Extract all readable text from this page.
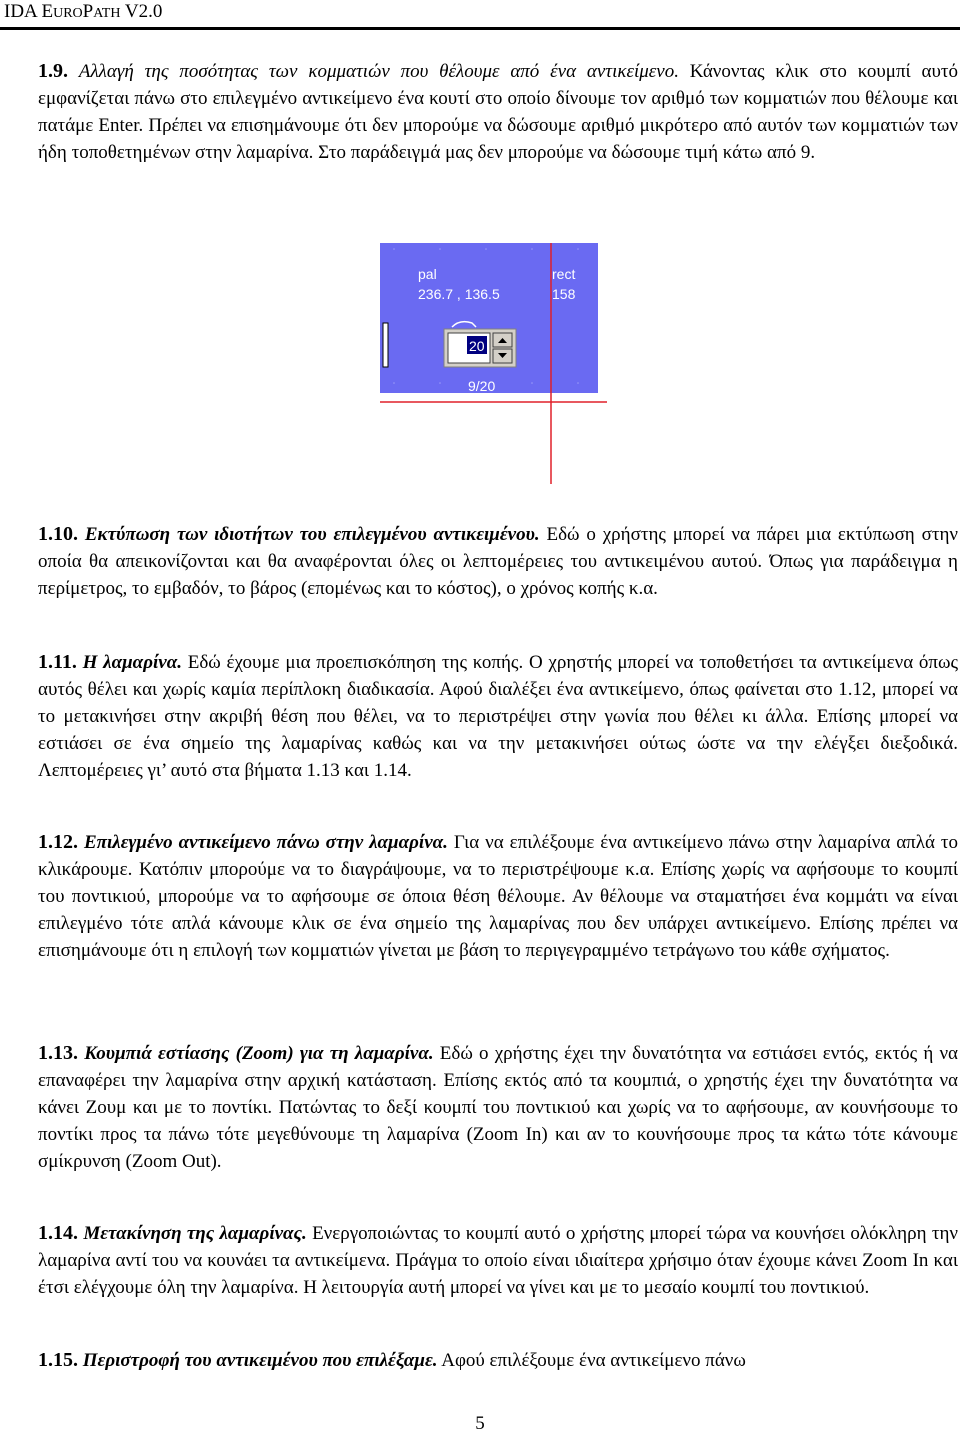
IDA EUROPATH V2.0

1.9. Αλλαγή της ποσότητας των κομματιών που θέλουμε από ένα αντικείμενο. Κάνοντας κλικ στο κουμπί αυτό εμφανίζεται πάνω στο επιλεγμένο αντικείμενο ένα κουτί στο οποίο δίνουμε τον αριθμό των κομματιών που θέλουμε και πατάμε Enter. Πρέπει να επισημάνουμε ότι δεν μπορούμε να δώσουμε αριθμό μικρότερο από αυτόν των κομματιών των ήδη τοποθετημένων στην λαμαρίνα. Στο παράδειγμά μας δεν μπορούμε να δώσουμε τιμή κάτω από 9.

pal
236.7 , 136.5
rect
158
20
9/20

1.10. Εκτύπωση των ιδιοτήτων του επιλεγμένου αντικειμένου. Εδώ ο χρήστης μπορεί να πάρει μια εκτύπωση στην οποία θα απεικονίζονται και θα αναφέρονται όλες οι λεπτομέρειες του αντικειμένου αυτού. Όπως για παράδειγμα η περίμετρος, το εμβαδόν, το βάρος (επομένως και το κόστος), ο χρόνος κοπής κ.α.

1.11. Η λαμαρίνα. Εδώ έχουμε μια προεπισκόπηση της κοπής. Ο χρηστής μπορεί να τοποθετήσει τα αντικείμενα όπως αυτός θέλει και χωρίς καμία περίπλοκη διαδικασία. Αφού διαλέξει ένα αντικείμενο, όπως φαίνεται στο 1.12, μπορεί να το μετακινήσει στην ακριβή θέση που θέλει, να το περιστρέψει στην γωνία που θέλει κι άλλα. Επίσης μπορεί να εστιάσει σε ένα σημείο της λαμαρίνας καθώς και να την μετακινήσει ούτως ώστε να την ελέγξει διεξοδικά. Λεπτομέρειες γι’ αυτό στα βήματα 1.13 και 1.14.

1.12. Επιλεγμένο αντικείμενο πάνω στην λαμαρίνα. Για να επιλέξουμε ένα αντικείμενο πάνω στην λαμαρίνα απλά το κλικάρουμε. Κατόπιν μπορούμε να το διαγράψουμε, να το περιστρέψουμε κ.α. Επίσης χωρίς να αφήσουμε το κουμπί του ποντικιού, μπορούμε να το αφήσουμε σε όποια θέση θέλουμε. Αν θέλουμε να σταματήσει ένα κομμάτι να είναι επιλεγμένο τότε απλά κάνουμε κλικ σε ένα σημείο της λαμαρίνας που δεν υπάρχει αντικείμενο. Επίσης πρέπει να επισημάνουμε ότι η επιλογή των κομματιών γίνεται με βάση το περιγεγραμμένο τετράγωνο του κάθε σχήματος.

1.13. Κουμπιά εστίασης (Zoom) για τη λαμαρίνα. Εδώ ο χρήστης έχει την δυνατότητα να εστιάσει εντός, εκτός ή να επαναφέρει την λαμαρίνα στην αρχική κατάσταση. Επίσης εκτός από τα κουμπιά, ο χρηστής έχει την δυνατότητα να κάνει Ζουμ και με το ποντίκι. Πατώντας το δεξί κουμπί του ποντικιού και χωρίς να το αφήσουμε, αν κουνήσουμε το ποντίκι προς τα πάνω τότε μεγεθύνουμε τη λαμαρίνα (Zoom In) και αν το κουνήσουμε προς τα κάτω τότε κάνουμε σμίκρυνση (Zoom Out).

1.14. Μετακίνηση της λαμαρίνας. Ενεργοποιώντας το κουμπί αυτό ο χρήστης μπορεί τώρα να κουνήσει ολόκληρη την λαμαρίνα αντί του να κουνάει τα αντικείμενα. Πράγμα το οποίο είναι ιδιαίτερα χρήσιμο όταν έχουμε κάνει Zoom In και έτσι ελέγχουμε όλη την λαμαρίνα. Η λειτουργία αυτή μπορεί να γίνει και με το μεσαίο κουμπί του ποντικιού.

1.15. Περιστροφή του αντικειμένου που επιλέξαμε. Αφού επιλέξουμε ένα αντικείμενο πάνω

5
